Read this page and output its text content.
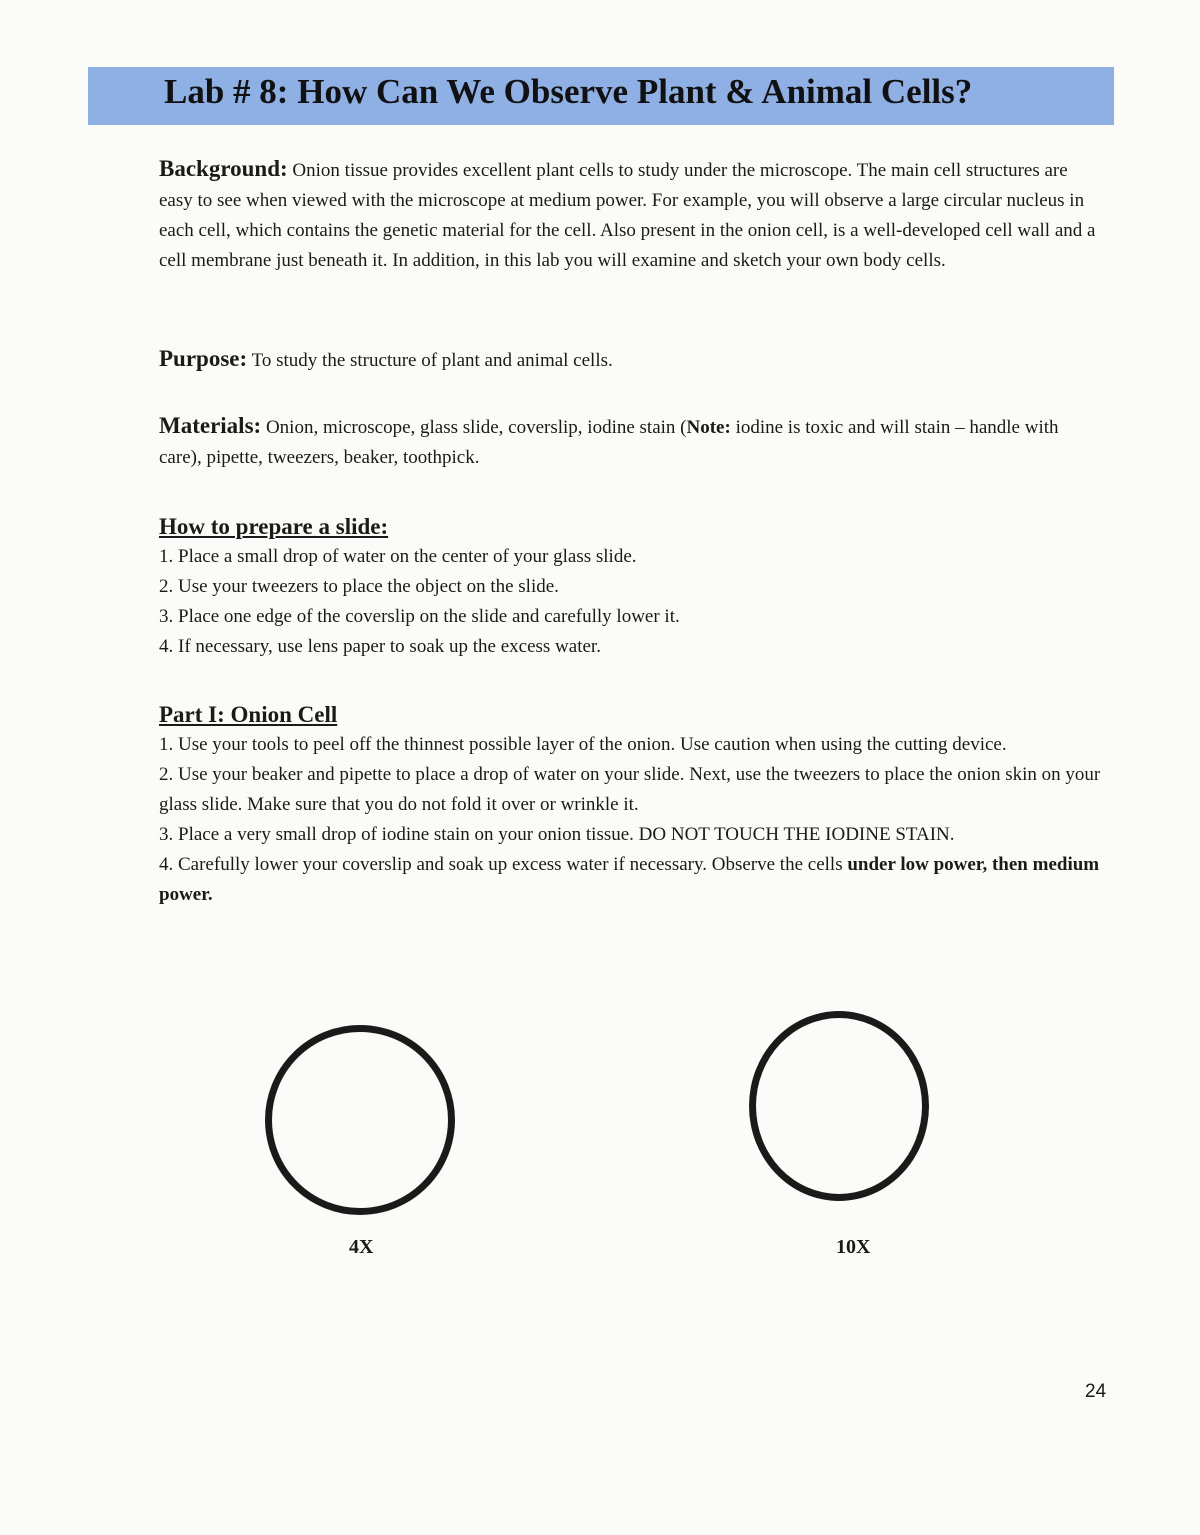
Lab # 8: How Can We Observe Plant & Animal Cells?
Background: Onion tissue provides excellent plant cells to study under the microscope. The main cell structures are easy to see when viewed with the microscope at medium power. For example, you will observe a large circular nucleus in each cell, which contains the genetic material for the cell. Also present in the onion cell, is a well-developed cell wall and a cell membrane just beneath it. In addition, in this lab you will examine and sketch your own body cells.
Purpose: To study the structure of plant and animal cells.
Materials: Onion, microscope, glass slide, coverslip, iodine stain (Note: iodine is toxic and will stain – handle with care), pipette, tweezers, beaker, toothpick.
How to prepare a slide:
1. Place a small drop of water on the center of your glass slide.
2. Use your tweezers to place the object on the slide.
3. Place one edge of the coverslip on the slide and carefully lower it.
4. If necessary, use lens paper to soak up the excess water.
Part I: Onion Cell
1. Use your tools to peel off the thinnest possible layer of the onion. Use caution when using the cutting device.
2. Use your beaker and pipette to place a drop of water on your slide. Next, use the tweezers to place the onion skin on your glass slide. Make sure that you do not fold it over or wrinkle it.
3. Place a very small drop of iodine stain on your onion tissue. DO NOT TOUCH THE IODINE STAIN.
4. Carefully lower your coverslip and soak up excess water if necessary. Observe the cells under low power, then medium power.
4X	10X
24
